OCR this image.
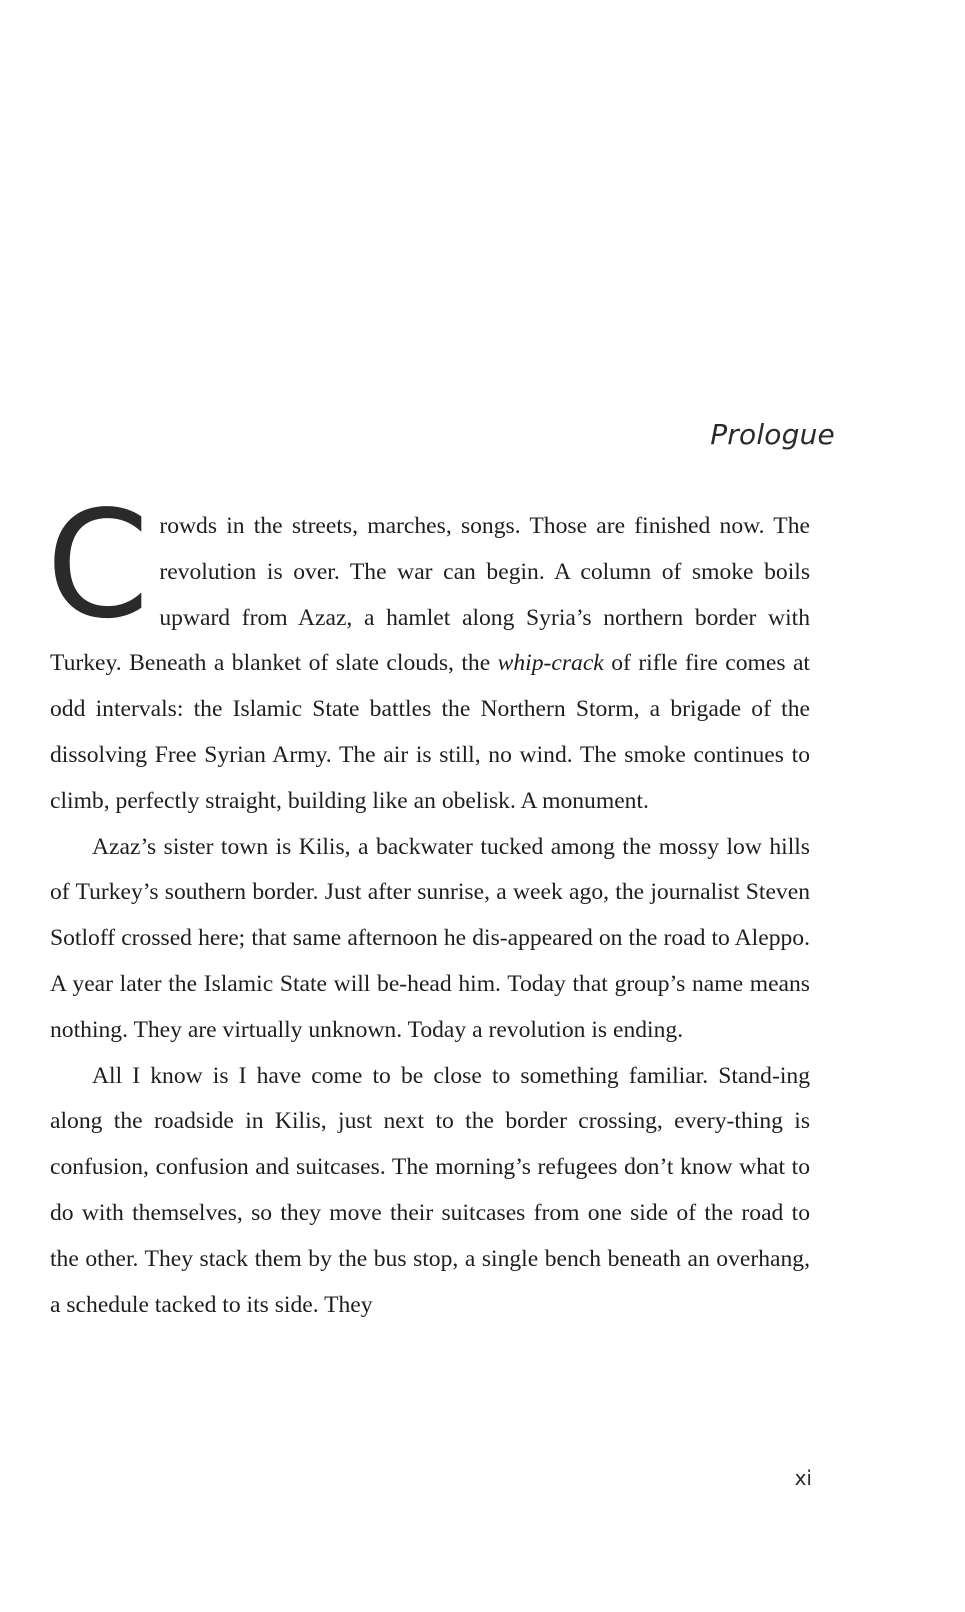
Prologue

Crowds in the streets, marches, songs. Those are finished now. The revolution is over. The war can begin. A column of smoke boils upward from Azaz, a hamlet along Syria’s northern border with Turkey. Beneath a blanket of slate clouds, the whip-crack of rifle fire comes at odd intervals: the Islamic State battles the Northern Storm, a brigade of the dissolving Free Syrian Army. The air is still, no wind. The smoke continues to climb, perfectly straight, building like an obelisk. A monument.

Azaz’s sister town is Kilis, a backwater tucked among the mossy low hills of Turkey’s southern border. Just after sunrise, a week ago, the journalist Steven Sotloff crossed here; that same afternoon he dis-appeared on the road to Aleppo. A year later the Islamic State will be-head him. Today that group’s name means nothing. They are virtually unknown. Today a revolution is ending.

All I know is I have come to be close to something familiar. Stand-ing along the roadside in Kilis, just next to the border crossing, every-thing is confusion, confusion and suitcases. The morning’s refugees don’t know what to do with themselves, so they move their suitcases from one side of the road to the other. They stack them by the bus stop, a single bench beneath an overhang, a schedule tacked to its side. They

xi
